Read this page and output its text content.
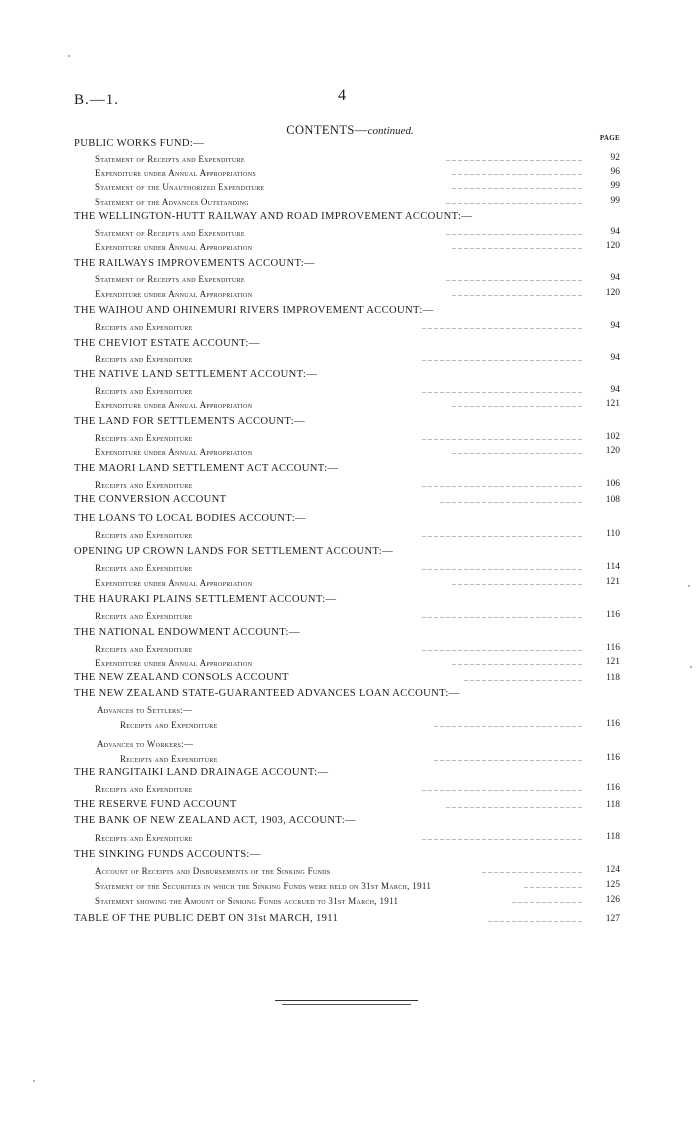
B.—1.	4
CONTENTS—continued.
PAGE
PUBLIC WORKS FUND:—
Statement of Receipts and Expenditure	.. .. .. .. .. .. .. .. .. .. .. .. .. .. .. .. .. .. .. .. .. .. ..	92
Expenditure under Annual Appropriations	.. .. .. .. .. .. .. .. .. .. .. .. .. .. .. .. .. .. .. .. .. ..	96
Statement of the Unauthorized Expenditure	.. .. .. .. .. .. .. .. .. .. .. .. .. .. .. .. .. .. .. .. .. ..	99
Statement of the Advances Outstanding	.. .. .. .. .. .. .. .. .. .. .. .. .. .. .. .. .. .. .. .. .. .. ..	99
THE WELLINGTON-HUTT RAILWAY AND ROAD IMPROVEMENT ACCOUNT:—
Statement of Receipts and Expenditure	.. .. .. .. .. .. .. .. .. .. .. .. .. .. .. .. .. .. .. .. .. .. ..	94
Expenditure under Annual Appropriation	.. .. .. .. .. .. .. .. .. .. .. .. .. .. .. .. .. .. .. .. .. ..	120
THE RAILWAYS IMPROVEMENTS ACCOUNT:—
Statement of Receipts and Expenditure	.. .. .. .. .. .. .. .. .. .. .. .. .. .. .. .. .. .. .. .. .. .. ..	94
Expenditure under Annual Appropriation	.. .. .. .. .. .. .. .. .. .. .. .. .. .. .. .. .. .. .. .. .. ..	120
THE WAIHOU AND OHINEMURI RIVERS IMPROVEMENT ACCOUNT:—
Receipts and Expenditure	.. .. .. .. .. .. .. .. .. .. .. .. .. .. .. .. .. .. .. .. .. .. .. .. .. .. ..	94
THE CHEVIOT ESTATE ACCOUNT:—
Receipts and Expenditure	.. .. .. .. .. .. .. .. .. .. .. .. .. .. .. .. .. .. .. .. .. .. .. .. .. .. ..	94
THE NATIVE LAND SETTLEMENT ACCOUNT:—
Receipts and Expenditure	.. .. .. .. .. .. .. .. .. .. .. .. .. .. .. .. .. .. .. .. .. .. .. .. .. .. ..	94
Expenditure under Annual Appropriation	.. .. .. .. .. .. .. .. .. .. .. .. .. .. .. .. .. .. .. .. .. ..	121
THE LAND FOR SETTLEMENTS ACCOUNT:—
Receipts and Expenditure	.. .. .. .. .. .. .. .. .. .. .. .. .. .. .. .. .. .. .. .. .. .. .. .. .. .. ..	102
Expenditure under Annual Appropriation	.. .. .. .. .. .. .. .. .. .. .. .. .. .. .. .. .. .. .. .. .. ..	120
THE MAORI LAND SETTLEMENT ACT ACCOUNT:—
Receipts and Expenditure	.. .. .. .. .. .. .. .. .. .. .. .. .. .. .. .. .. .. .. .. .. .. .. .. .. .. ..	106
THE CONVERSION ACCOUNT	.. .. .. .. .. .. .. .. .. .. .. .. .. .. .. .. .. .. .. .. .. .. .. ..	108
THE LOANS TO LOCAL BODIES ACCOUNT:—
Receipts and Expenditure	.. .. .. .. .. .. .. .. .. .. .. .. .. .. .. .. .. .. .. .. .. .. .. .. .. .. ..	110
OPENING UP CROWN LANDS FOR SETTLEMENT ACCOUNT:—
Receipts and Expenditure	.. .. .. .. .. .. .. .. .. .. .. .. .. .. .. .. .. .. .. .. .. .. .. .. .. .. ..	114
Expenditure under Annual Appropriation	.. .. .. .. .. .. .. .. .. .. .. .. .. .. .. .. .. .. .. .. .. ..	121
THE HAURAKI PLAINS SETTLEMENT ACCOUNT:—
Receipts and Expenditure	.. .. .. .. .. .. .. .. .. .. .. .. .. .. .. .. .. .. .. .. .. .. .. .. .. .. ..	116
THE NATIONAL ENDOWMENT ACCOUNT:—
Receipts and Expenditure	.. .. .. .. .. .. .. .. .. .. .. .. .. .. .. .. .. .. .. .. .. .. .. .. .. .. ..	116
Expenditure under Annual Appropriation	.. .. .. .. .. .. .. .. .. .. .. .. .. .. .. .. .. .. .. .. .. ..	121
THE NEW ZEALAND CONSOLS ACCOUNT	.. .. .. .. .. .. .. .. .. .. .. .. .. .. .. .. .. .. .. ..	118
THE NEW ZEALAND STATE-GUARANTEED ADVANCES LOAN ACCOUNT:—
Advances to Settlers:—
Receipts and Expenditure	.. .. .. .. .. .. .. .. .. .. .. .. .. .. .. .. .. .. .. .. .. .. .. .. ..	116
Advances to Workers:—
Receipts and Expenditure	.. .. .. .. .. .. .. .. .. .. .. .. .. .. .. .. .. .. .. .. .. .. .. .. ..	116
THE RANGITAIKI LAND DRAINAGE ACCOUNT:—
Receipts and Expenditure	.. .. .. .. .. .. .. .. .. .. .. .. .. .. .. .. .. .. .. .. .. .. .. .. .. .. ..	116
THE RESERVE FUND ACCOUNT	.. .. .. .. .. .. .. .. .. .. .. .. .. .. .. .. .. .. .. .. .. .. ..	118
THE BANK OF NEW ZEALAND ACT, 1903, ACCOUNT:—
Receipts and Expenditure	.. .. .. .. .. .. .. .. .. .. .. .. .. .. .. .. .. .. .. .. .. .. .. .. .. .. ..	118
THE SINKING FUNDS ACCOUNTS:—
Account of Receipts and Disbursements of the Sinking Funds	.. .. .. .. .. .. .. .. .. .. .. .. .. .. .. .. ..	124
Statement of the Securities in which the Sinking Funds were held on 31st March, 1911	.. .. .. .. .. .. .. .. .. ..	125
Statement showing the Amount of Sinking Funds accrued to 31st March, 1911	.. .. .. .. .. .. .. .. .. .. .. ..	126
TABLE OF THE PUBLIC DEBT ON 31st MARCH, 1911	.. .. .. .. .. .. .. .. .. .. .. .. .. .. .. ..	127
